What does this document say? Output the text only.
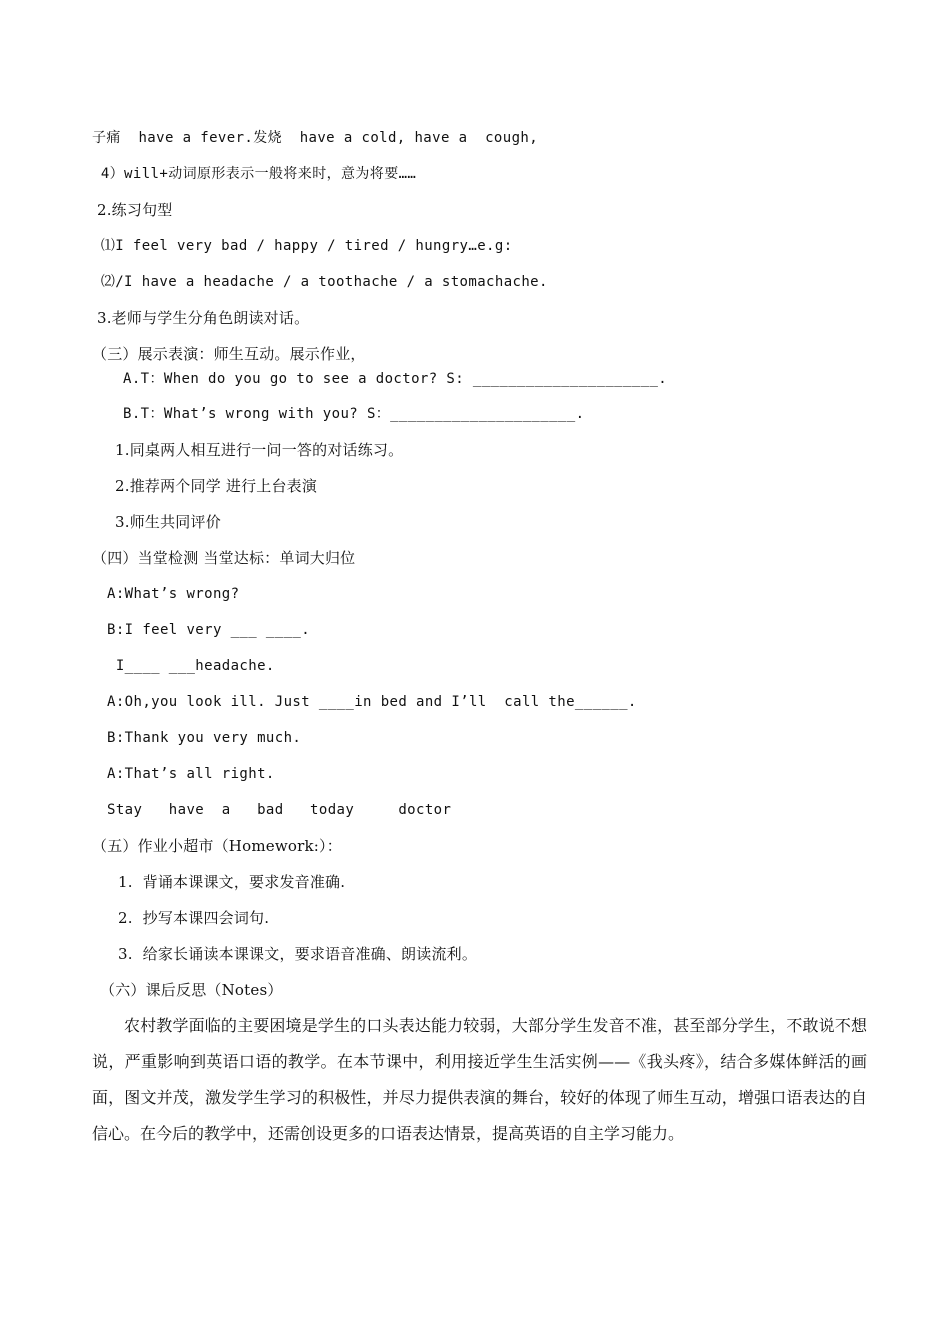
子痛  have a fever.发烧  have a cold, have a  cough,
4）will+动词原形表示一般将来时，意为将要……
2.练习句型
⑴I feel very bad / happy / tired / hungry…e.g:
⑵/I have a headache / a toothache / a stomachache.
3.老师与学生分角色朗读对话。
（三）展示表演：师生互动。展示作业，
A.T：When do you go to see a doctor? S: _____________________.
B.T：What’s wrong with you? S：_____________________.
1.同桌两人相互进行一问一答的对话练习。
2.推荐两个同学 进行上台表演
3.师生共同评价
（四）当堂检测 当堂达标：单词大归位
A:What’s wrong?
B:I feel very ___ ____.
I____ ___headache.
A:Oh,you look ill. Just ____in bed and I’ll  call the______.
B:Thank you very much.
A:That’s all right.
Stay   have  a   bad   today     doctor
（五）作业小超市（Homework:）：
1.  背诵本课课文，要求发音准确.
2.  抄写本课四会词句.
3.  给家长诵读本课课文，要求语音准确、朗读流利。
（六）课后反思（Notes）
农村教学面临的主要困境是学生的口头表达能力较弱，大部分学生发音不准，甚至部分学生，不敢说不想说，严重影响到英语口语的教学。在本节课中，利用接近学生生活实例——《我头疼》，结合多媒体鲜活的画面，图文并茂，激发学生学习的积极性，并尽力提供表演的舞台，较好的体现了师生互动，增强口语表达的自信心。在今后的教学中，还需创设更多的口语表达情景，提高英语的自主学习能力。
